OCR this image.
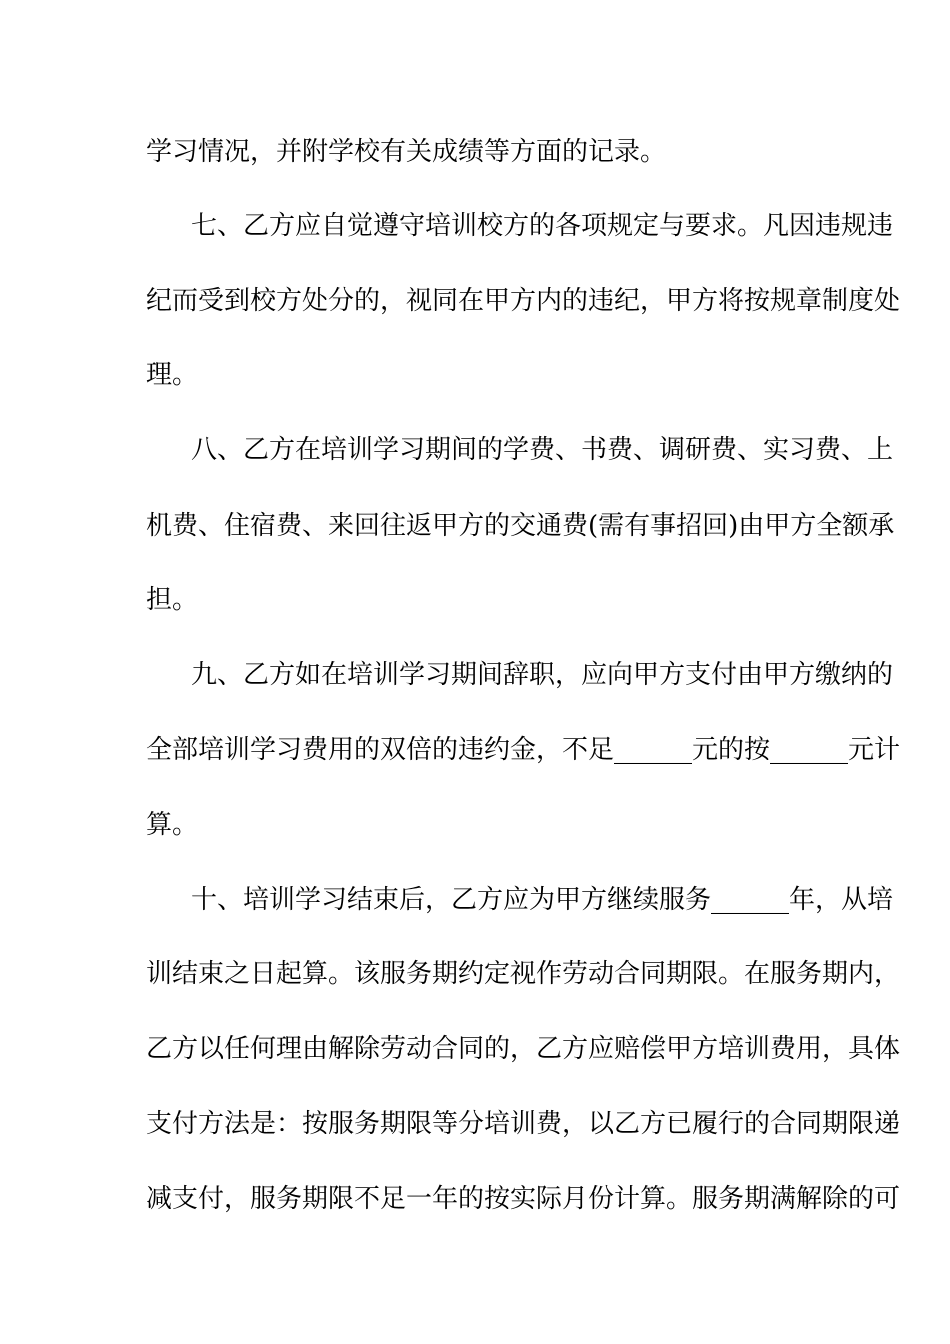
学习情况，并附学校有关成绩等方面的记录。
七、乙方应自觉遵守培训校方的各项规定与要求。凡因违规违
纪而受到校方处分的，视同在甲方内的违纪，甲方将按规章制度处
理。
八、乙方在培训学习期间的学费、书费、调研费、实习费、上
机费、住宿费、来回往返甲方的交通费(需有事招回)由甲方全额承
担。
九、乙方如在培训学习期间辞职，应向甲方支付由甲方缴纳的
全部培训学习费用的双倍的违约金，不足______元的按______元计
算。
十、培训学习结束后，乙方应为甲方继续服务______年，从培
训结束之日起算。该服务期约定视作劳动合同期限。在服务期内，
乙方以任何理由解除劳动合同的，乙方应赔偿甲方培训费用，具体
支付方法是：按服务期限等分培训费，以乙方已履行的合同期限递
减支付，服务期限不足一年的按实际月份计算。服务期满解除的可
